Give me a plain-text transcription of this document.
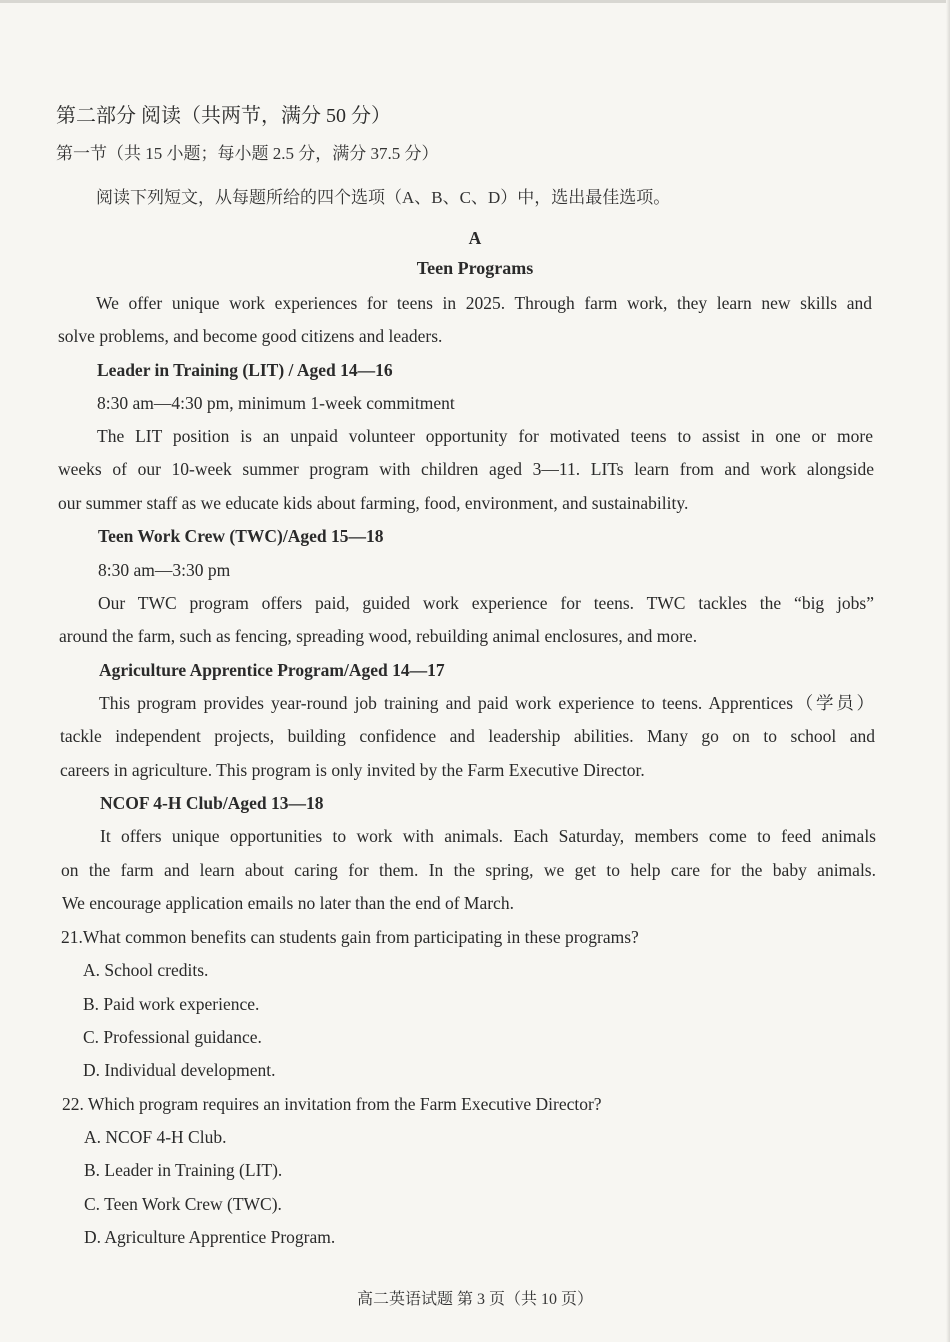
第二部分 阅读（共两节，满分 50 分）
第一节（共 15 小题；每小题 2.5 分，满分 37.5 分）
阅读下列短文，从每题所给的四个选项（A、B、C、D）中，选出最佳选项。
A
Teen Programs
We offer unique work experiences for teens in 2025. Through farm work, they learn new skills and
solve problems, and become good citizens and leaders.
Leader in Training (LIT) / Aged 14—16
8:30 am—4:30 pm, minimum 1-week commitment
The LIT position is an unpaid volunteer opportunity for motivated teens to assist in one or more
weeks of our 10-week summer program with children aged 3—11. LITs learn from and work alongside
our summer staff as we educate kids about farming, food, environment, and sustainability.
Teen Work Crew (TWC)/Aged 15—18
8:30 am—3:30 pm
Our TWC program offers paid, guided work experience for teens. TWC tackles the “big jobs”
around the farm, such as fencing, spreading wood, rebuilding animal enclosures, and more.
Agriculture Apprentice Program/Aged 14—17
This program provides year-round job training and paid work experience to teens. Apprentices（学员）
tackle independent projects, building confidence and leadership abilities. Many go on to school and
careers in agriculture. This program is only invited by the Farm Executive Director.
NCOF 4-H Club/Aged 13—18
It offers unique opportunities to work with animals. Each Saturday, members come to feed animals
on the farm and learn about caring for them. In the spring, we get to help care for the baby animals.
We encourage application emails no later than the end of March.
21.What common benefits can students gain from participating in these programs?
A. School credits.
B. Paid work experience.
C. Professional guidance.
D. Individual development.
22. Which program requires an invitation from the Farm Executive Director?
A. NCOF 4-H Club.
B. Leader in Training (LIT).
C. Teen Work Crew (TWC).
D. Agriculture Apprentice Program.
高二英语试题 第 3 页（共 10 页）
